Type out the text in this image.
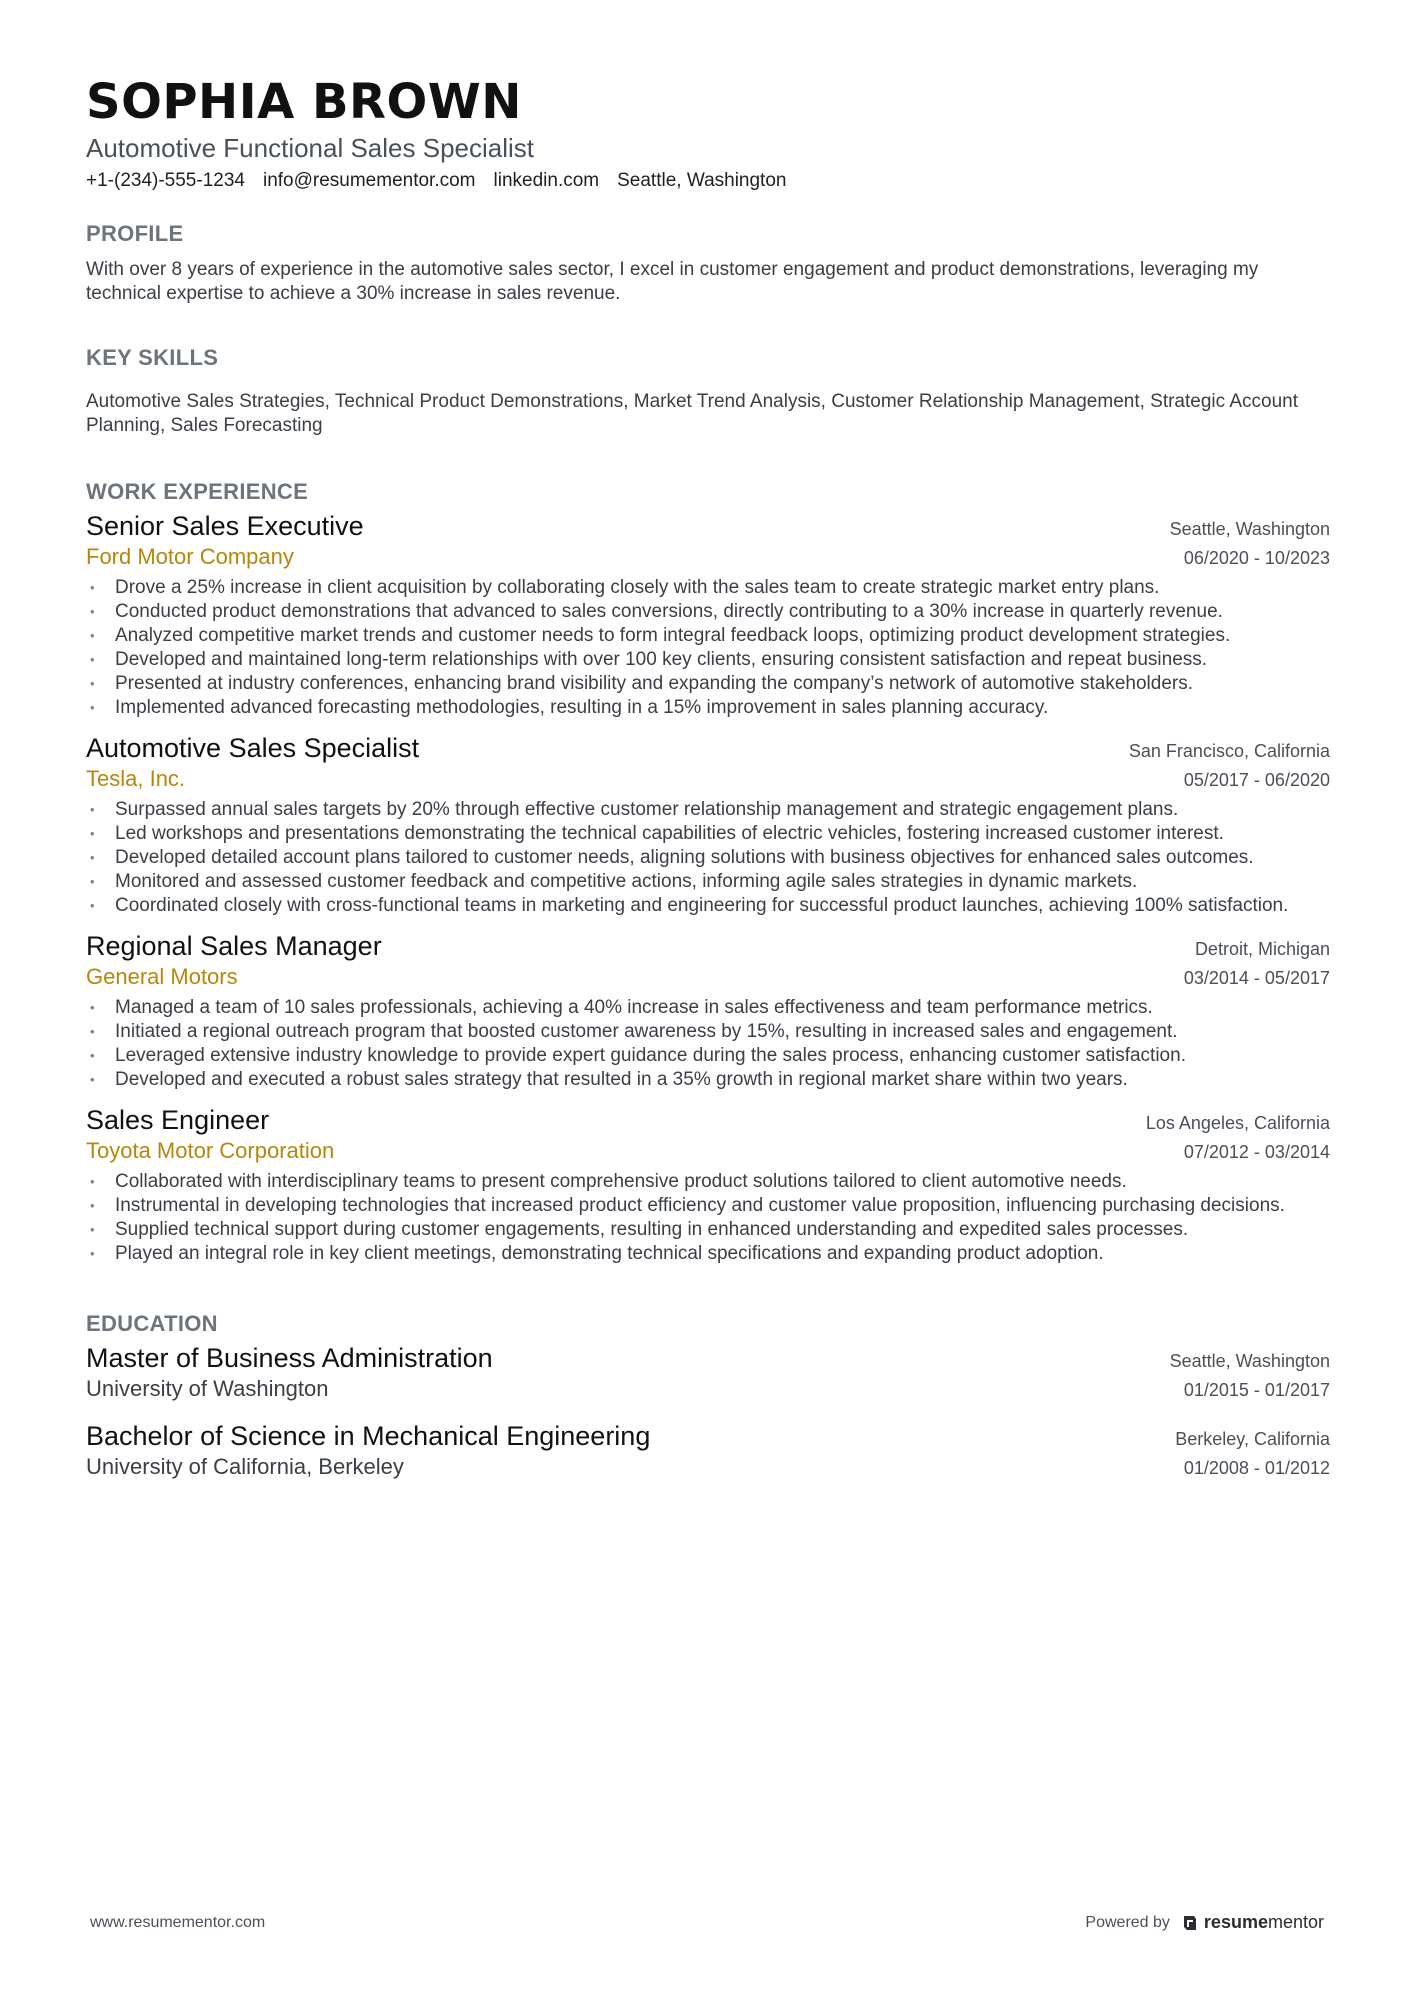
SOPHIA BROWN
Automotive Functional Sales Specialist
+1-(234)-555-1234 info@resumementor.com linkedin.com Seattle, Washington
PROFILE
With over 8 years of experience in the automotive sales sector, I excel in customer engagement and product demonstrations, leveraging my technical expertise to achieve a 30% increase in sales revenue.
KEY SKILLS
Automotive Sales Strategies, Technical Product Demonstrations, Market Trend Analysis, Customer Relationship Management, Strategic Account Planning, Sales Forecasting
WORK EXPERIENCE
Senior Sales Executive	Seattle, Washington
Ford Motor Company	06/2020 - 10/2023
• Drove a 25% increase in client acquisition by collaborating closely with the sales team to create strategic market entry plans.
• Conducted product demonstrations that advanced to sales conversions, directly contributing to a 30% increase in quarterly revenue.
• Analyzed competitive market trends and customer needs to form integral feedback loops, optimizing product development strategies.
• Developed and maintained long-term relationships with over 100 key clients, ensuring consistent satisfaction and repeat business.
• Presented at industry conferences, enhancing brand visibility and expanding the company’s network of automotive stakeholders.
• Implemented advanced forecasting methodologies, resulting in a 15% improvement in sales planning accuracy.
Automotive Sales Specialist	San Francisco, California
Tesla, Inc.	05/2017 - 06/2020
• Surpassed annual sales targets by 20% through effective customer relationship management and strategic engagement plans.
• Led workshops and presentations demonstrating the technical capabilities of electric vehicles, fostering increased customer interest.
• Developed detailed account plans tailored to customer needs, aligning solutions with business objectives for enhanced sales outcomes.
• Monitored and assessed customer feedback and competitive actions, informing agile sales strategies in dynamic markets.
• Coordinated closely with cross-functional teams in marketing and engineering for successful product launches, achieving 100% satisfaction.
Regional Sales Manager	Detroit, Michigan
General Motors	03/2014 - 05/2017
• Managed a team of 10 sales professionals, achieving a 40% increase in sales effectiveness and team performance metrics.
• Initiated a regional outreach program that boosted customer awareness by 15%, resulting in increased sales and engagement.
• Leveraged extensive industry knowledge to provide expert guidance during the sales process, enhancing customer satisfaction.
• Developed and executed a robust sales strategy that resulted in a 35% growth in regional market share within two years.
Sales Engineer	Los Angeles, California
Toyota Motor Corporation	07/2012 - 03/2014
• Collaborated with interdisciplinary teams to present comprehensive product solutions tailored to client automotive needs.
• Instrumental in developing technologies that increased product efficiency and customer value proposition, influencing purchasing decisions.
• Supplied technical support during customer engagements, resulting in enhanced understanding and expedited sales processes.
• Played an integral role in key client meetings, demonstrating technical specifications and expanding product adoption.
EDUCATION
Master of Business Administration	Seattle, Washington
University of Washington	01/2015 - 01/2017
Bachelor of Science in Mechanical Engineering	Berkeley, California
University of California, Berkeley	01/2008 - 01/2012
www.resumementor.com	Powered by resumementor
